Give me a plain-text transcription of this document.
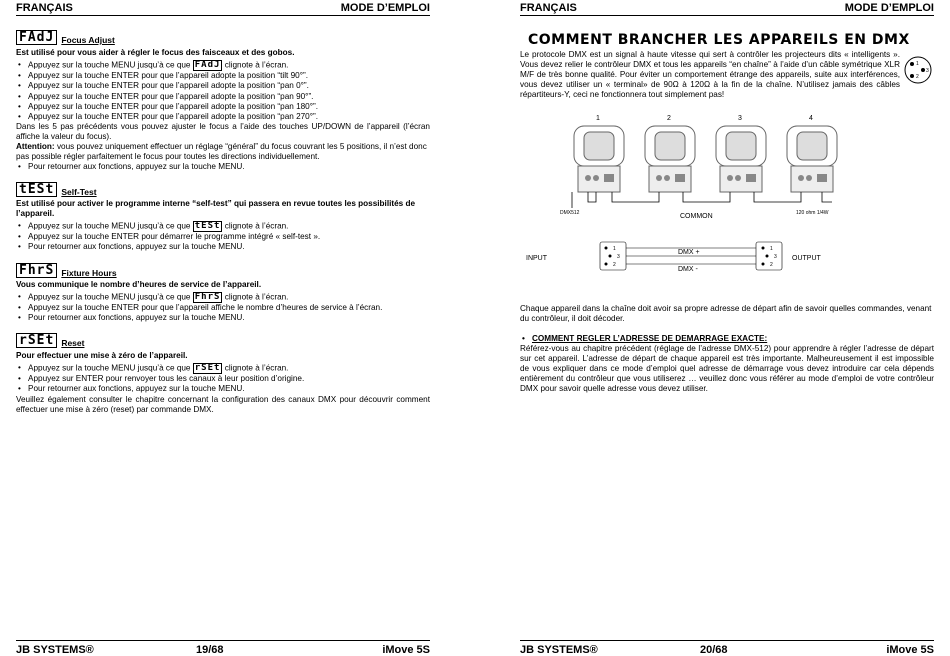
FRANÇAIS	MODE D’EMPLOI
FAdJ Focus Adjust
Est utilisé pour vous aider à régler le focus des faisceaux et des gobos.
• Appuyez sur la touche MENU jusqu’à ce que FAdJ clignote à l’écran.
• Appuyez sur la touche ENTER pour que l’appareil adopte la position “tilt 90°”.
• Appuyez sur la touche ENTER pour que l’appareil adopte la position “pan 0°”.
• Appuyez sur la touche ENTER pour que l’appareil adopte la position “pan 90°”.
• Appuyez sur la touche ENTER pour que l’appareil adopte la position “pan 180°”.
• Appuyez sur la touche ENTER pour que l’appareil adopte la position “pan 270°”.
Dans les 5 pas précédents vous pouvez ajuster le focus a l’aide des touches UP/DOWN de l’appareil (l’écran affiche la valeur du focus).
Attention: vous pouvez uniquement effectuer un réglage “général” du focus couvrant les 5 positions, il n’est donc pas possible régler parfaitement le focus pour toutes les directions individuellement.
• Pour retourner aux fonctions, appuyez sur la touche MENU.
tESt Self-Test
Est utilisé pour activer le programme interne “self-test” qui passera en revue toutes les possibilités de l’appareil.
• Appuyez sur la touche MENU jusqu’à ce que tESt clignote à l’écran.
• Appuyez sur la touche ENTER pour démarrer le programme intégré « self-test ».
• Pour retourner aux fonctions, appuyez sur la touche MENU.
FhrS Fixture Hours
Vous communique le nombre d’heures de service de l’appareil.
• Appuyez sur la touche MENU jusqu’à ce que FhrS clignote à l’écran.
• Appuyez sur la touche ENTER pour que l’appareil affiche le nombre d’heures de service à l’écran.
• Pour retourner aux fonctions, appuyez sur la touche MENU.
rSEt Reset
Pour effectuer une mise à zéro de l’appareil.
• Appuyez sur la touche MENU jusqu’à ce que rSEt clignote à l’écran.
• Appuyez sur ENTER pour renvoyer tous les canaux à leur position d’origine.
• Pour retourner aux fonctions, appuyez sur la touche MENU.
Veuillez également consulter le chapitre concernant la configuration des canaux DMX pour découvrir comment effectuer une mise à zéro (reset) par commande DMX.
JB SYSTEMS®	19/68	iMove 5S
FRANÇAIS	MODE D’EMPLOI
COMMENT BRANCHER LES APPAREILS EN DMX
Le protocole DMX est un signal à haute vitesse qui sert à contrôler les projecteurs dits « intelligents ». Vous devez relier le contrôleur DMX et tous les appareils “en chaîne” à l’aide d’un câble symétrique XLR M/F de très bonne qualité. Pour éviter un comportement étrange des appareils, suite aux interférences, vous devez utiliser un « terminal» de 90Ω à 120Ω à la fin de la chaîne. N’utilisez jamais des câbles répartiteurs-Y, ceci ne fonctionnera tout simplement pas!
1
3
2
1	2	3	4
DMX512	COMMON	120 ohm 1/4W
INPUT
1
3
2
1
3
2
OUTPUT
DMX +
DMX -
Chaque appareil dans la chaîne doit avoir sa propre adresse de départ afin de savoir quelles commandes, venant du contrôleur, il doit décoder.
• COMMENT REGLER L’ADRESSE DE DEMARRAGE EXACTE:
Référez-vous au chapitre précédent (réglage de l’adresse DMX-512) pour apprendre à régler l’adresse de départ sur cet appareil. L’adresse de départ de chaque appareil est très importante. Malheureusement il est impossible de vous expliquer dans ce mode d’emploi quel adresse de démarrage vous devez introduire car cela dépends entièrement du contrôleur que vous utiliserez … veuillez donc vous référer au mode d’emploi de votre contrôleur DMX pour savoir quelle adresse vous devez utiliser.
JB SYSTEMS®	20/68	iMove 5S
